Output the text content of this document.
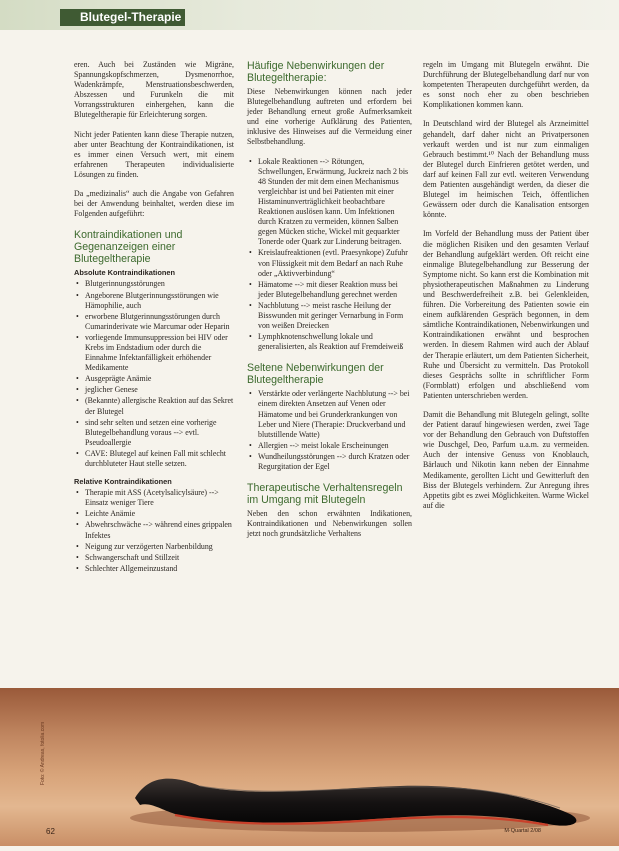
Blutegel-Therapie

eren. Auch bei Zuständen wie Migräne, Spannungskopfschmerzen, Dysmenorrhoe, Wadenkrämpfe, Menstruationsbeschwerden, Abszessen und Furunkeln die mit Vorrangsstrukturen einhergehen, kann die Blutegeltherapie für Erleichterung sorgen.

Nicht jeder Patienten kann diese Therapie nutzen, aber unter Beachtung der Kontraindikationen, ist es immer einen Versuch wert, mit einem erfahrenen Therapeuten individualisierte Lösungen zu finden.

Da „medizinalis“ auch die Angabe von Gefahren bei der Anwendung beinhaltet, werden diese im Folgenden aufgeführt:

Kontraindikationen und Gegenanzeigen einer Blutegeltherapie
Absolute Kontraindikationen
• Blutgerinnungsstörungen
• Angeborene Blutgerinnungsstörungen wie Hämophilie, auch
• erworbene Blutgerinnungsstörungen durch Cumarinderivate wie Marcumar oder Heparin
• vorliegende Immunsuppression bei HIV oder Krebs im Endstadium oder durch die Einnahme Infektanfälligkeit erhöhender Medikamente
• Ausgeprägte Anämie
• jeglicher Genese
• (Bekannte) allergische Reaktion auf das Sekret der Blutegel
• sind sehr selten und setzen eine vorherige Blutegelbehandlung voraus --> evtl. Pseudoallergie
• CAVE: Blutegel auf keinen Fall mit schlecht durchbluteter Haut stelle setzen.
Relative Kontraindikationen
• Therapie mit ASS (Acetylsalicylsäure) --> Einsatz weniger Tiere
• Leichte Anämie
• Abwehrschwäche --> während eines grippalen Infektes
• Neigung zur verzögerten Narbenbildung
• Schwangerschaft und Stillzeit
• Schlechter Allgemeinzustand
Häufige Nebenwirkungen der Blutegeltherapie:

Diese Nebenwirkungen können nach jeder Blutegelbehandlung auftreten und erfordern bei jeder Behandlung erneut große Aufmerksamkeit und eine vorherige Aufklärung des Patienten, inklusive des Hinweises auf die Vermeidung einer Selbstbehandlung.

• Lokale Reaktionen --> Rötungen, Schwellungen, Erwärmung, Juckreiz nach 2 bis 48 Stunden der mit dem einen Mechanismus vergleichbar ist und bei Patienten mit einer Histaminunverträglichkeit beobachtbare Reaktionen auslösen kann. Um Infektionen durch Kratzen zu vermeiden, können Salben gegen Mücken stiche, Wickel mit gequarkter Tonerde oder Quark zur Linderung beitragen.
• Kreislaufreaktionen (evtl. Praesynkope) Zufuhr von Flüssigkeit mit dem Bedarf an nach Ruhe oder „Aktivverbindung“
• Hämatome --> mit dieser Reaktion muss bei jeder Blutegelbehandlung gerechnet werden
• Nachblutung --> meist rasche Heilung der Bisswunden mit geringer Vernarbung in Form von weißen Dreiecken
• Lymphknotenschwellung lokale und generalisierten, als Reaktion auf Fremdeiweiß
Seltene Nebenwirkungen der Blutegeltherapie
• Verstärkte oder verlängerte Nachblutung --> bei einem direkten Ansetzen auf Venen oder Hämatome und bei Grunderkrankungen von Leber und Niere (Therapie: Druckverband und blutstillende Watte)
• Allergien --> meist lokale Erscheinungen
• Wundheilungsstörungen --> durch Kratzen oder Regurgitation der Egel
Therapeutische Verhaltensregeln im Umgang mit Blutegeln

Neben den schon erwähnten Indikationen, Kontraindikationen und Nebenwirkungen sollen jetzt noch grundsätzliche Verhaltens

regeln im Umgang mit Blutegeln erwähnt. Die Durchführung der Blutegelbehandlung darf nur von kompetenten Therapeuten durchgeführt werden, da es sonst noch eher zu oben beschrieben Komplikationen kommen kann.

In Deutschland wird der Blutegel als Arzneimittel gehandelt, darf daher nicht an Privatpersonen verkauft werden und ist nur zum einmaligen Gebrauch bestimmt.¹⁰ Nach der Behandlung muss der Blutegel durch Einfrieren getötet werden, und darf auf keinen Fall zur evtl. weiteren Verwendung dem Patienten ausgehändigt werden, da dieser die Blutegel im heimischen Teich, öffentlichen Gewässern oder durch die Kanalisation entsorgen könnte.

Im Vorfeld der Behandlung muss der Patient über die möglichen Risiken und den gesamten Verlauf der Behandlung aufgeklärt werden. Oft reicht eine einmalige Blutegelbehandlung zur Besserung der Symptome nicht. So kann erst die Kombination mit physiotherapeutischen Maßnahmen zu Linderung und Beschwerdefreiheit z.B. bei Gelenkleiden, führen. Die Vorbereitung des Patienten sowie ein einem aufklärenden Gespräch begonnen, in dem sämtliche Kontraindikationen, Nebenwirkungen und Kontraindikationen erwähnt und besprochen werden. In diesem Rahmen wird auch der Ablauf der Therapie erläutert, um dem Patienten Sicherheit, Ruhe und Übersicht zu vermitteln. Das Protokoll dieses Gesprächs sollte in schriftlicher Form (Formblatt) erfolgen und abschließend vom Patienten unterschrieben werden.

Damit die Behandlung mit Blutegeln gelingt, sollte der Patient darauf hingewiesen werden, zwei Tage vor der Behandlung den Gebrauch von Duftstoffen wie Duschgel, Deo, Parfum u.a.m. zu vermeiden. Auch der intensive Genuss von Knoblauch, Bärlauch und Nikotin kann neben der Einnahme Medikamente, gerollten Licht und Gewitterluft den Biss der Blutegels verhindern. Zur Anregung ihres Appetits gibt es zwei Möglichkeiten. Warme Wickel auf die

Foto: © Andreas, fotolia.com
62	M·Quartal 2/08
